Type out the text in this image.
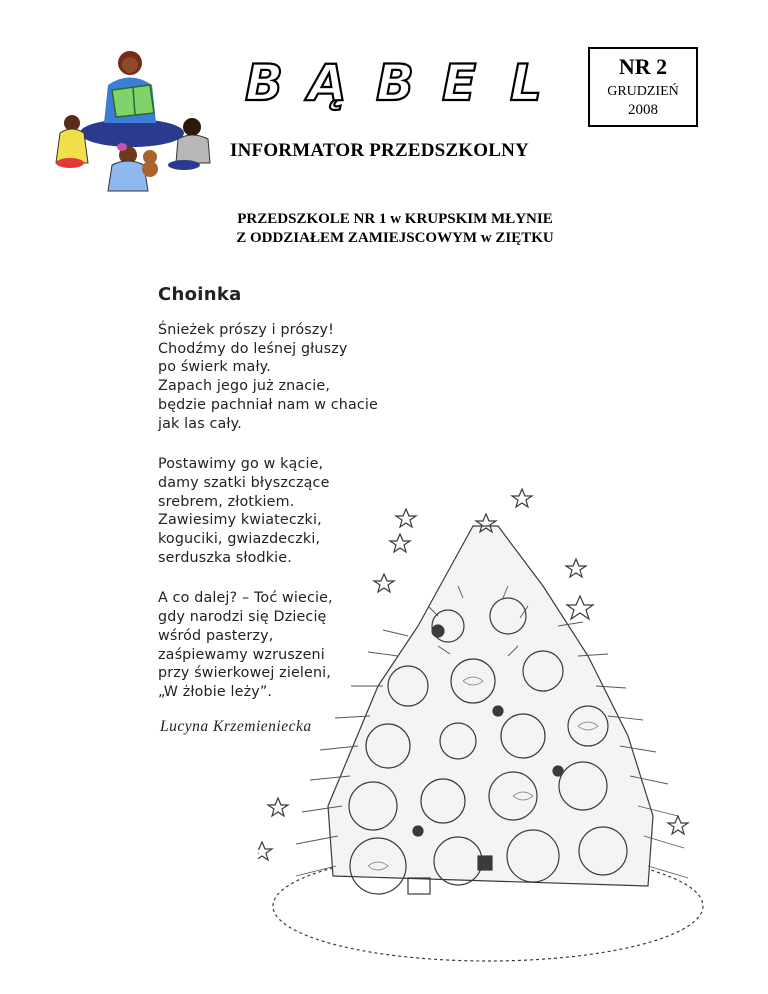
B Ą B E L	NR 2
GRUDZIEŃ
2008
INFORMATOR PRZEDSZKOLNY
PRZEDSZKOLE NR 1 w KRUPSKIM MŁYNIE
Z ODDZIAŁEM ZAMIEJSCOWYM w ZIĘTKU
Choinka
Śnieżek prószy i prószy!
Chodźmy do leśnej głuszy
po świerk mały.
Zapach jego już znacie,
będzie pachniał nam w chacie
jak las cały.
Postawimy go w kącie,
damy szatki błyszczące
srebrem, złotkiem.
Zawiesimy kwiateczki,
koguciki, gwiazdeczki,
serduszka słodkie.
A co dalej? – Toć wiecie,
gdy narodzi się Dziecię
wśród pasterzy,
zaśpiewamy wzruszeni
przy świerkowej zieleni,
„W żłobie leży”.
Lucyna Krzemieniecka
